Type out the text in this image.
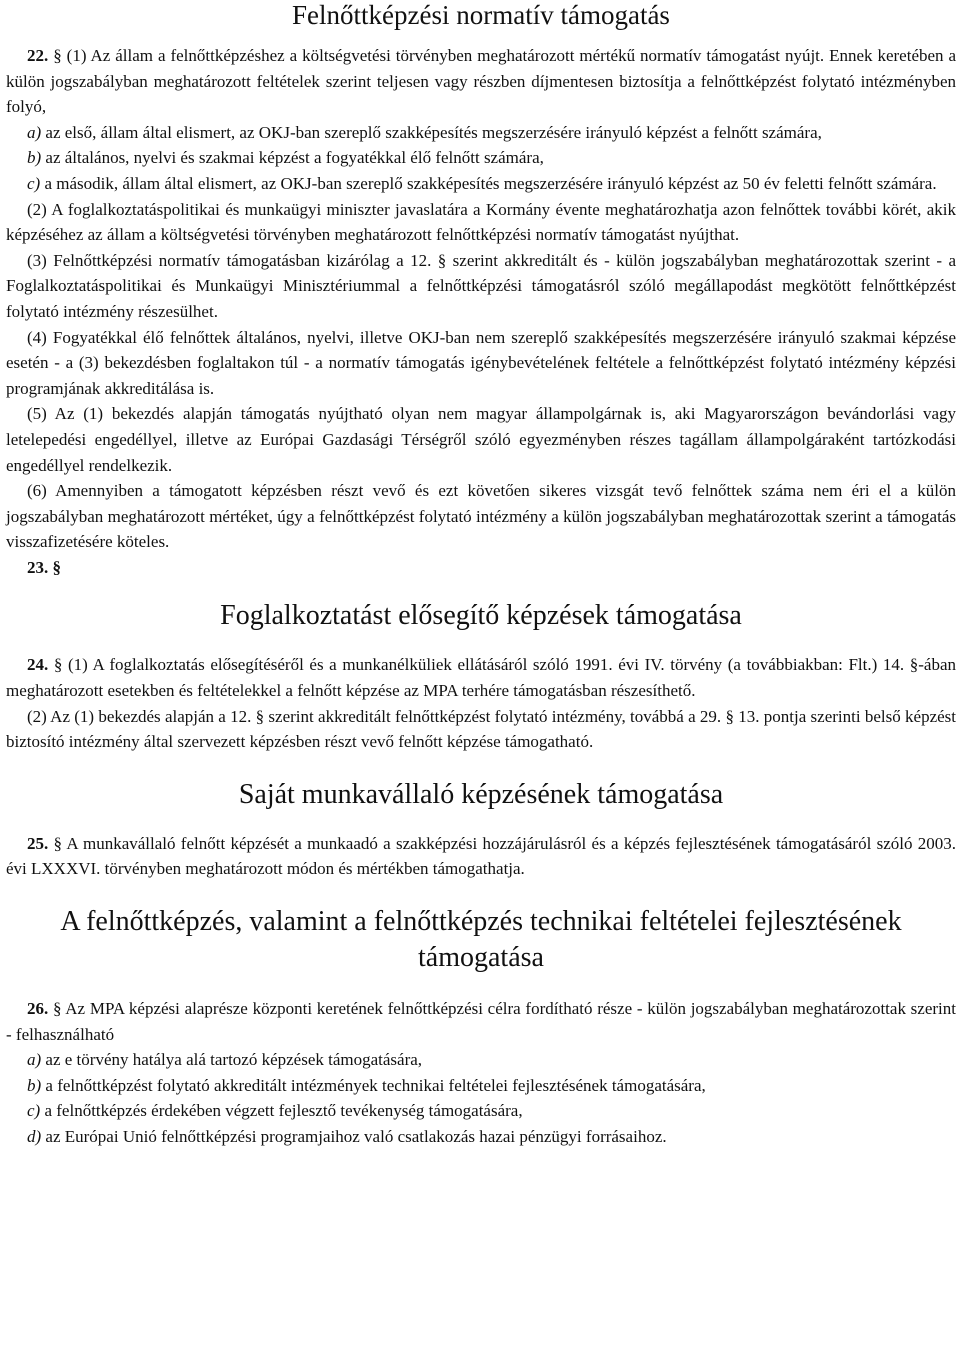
Felnőttképzési normatív támogatás

22. § (1) Az állam a felnőttképzéshez a költségvetési törvényben meghatározott mértékű normatív támogatást nyújt. Ennek keretében a külön jogszabályban meghatározott feltételek szerint teljesen vagy részben díjmentesen biztosítja a felnőttképzést folytató intézményben folyó,

a) az első, állam által elismert, az OKJ-ban szereplő szakképesítés megszerzésére irányuló képzést a felnőtt számára,

b) az általános, nyelvi és szakmai képzést a fogyatékkal élő felnőtt számára,

c) a második, állam által elismert, az OKJ-ban szereplő szakképesítés megszerzésére irányuló képzést az 50 év feletti felnőtt számára.

(2) A foglalkoztatáspolitikai és munkaügyi miniszter javaslatára a Kormány évente meghatározhatja azon felnőttek további körét, akik képzéséhez az állam a költségvetési törvényben meghatározott felnőttképzési normatív támogatást nyújthat.

(3) Felnőttképzési normatív támogatásban kizárólag a 12. § szerint akkreditált és - külön jogszabályban meghatározottak szerint - a Foglalkoztatáspolitikai és Munkaügyi Minisztériummal a felnőttképzési támogatásról szóló megállapodást megkötött felnőttképzést folytató intézmény részesülhet.

(4) Fogyatékkal élő felnőttek általános, nyelvi, illetve OKJ-ban nem szereplő szakképesítés megszerzésére irányuló szakmai képzése esetén - a (3) bekezdésben foglaltakon túl - a normatív támogatás igénybevételének feltétele a felnőttképzést folytató intézmény képzési programjának akkreditálása is.

(5) Az (1) bekezdés alapján támogatás nyújtható olyan nem magyar állampolgárnak is, aki Magyarországon bevándorlási vagy letelepedési engedéllyel, illetve az Európai Gazdasági Térségről szóló egyezményben részes tagállam állampolgáraként tartózkodási engedéllyel rendelkezik.

(6) Amennyiben a támogatott képzésben részt vevő és ezt követően sikeres vizsgát tevő felnőttek száma nem éri el a külön jogszabályban meghatározott mértéket, úgy a felnőttképzést folytató intézmény a külön jogszabályban meghatározottak szerint a támogatás visszafizetésére köteles.

23. §

Foglalkoztatást elősegítő képzések támogatása

24. § (1) A foglalkoztatás elősegítéséről és a munkanélküliek ellátásáról szóló 1991. évi IV. törvény (a továbbiakban: Flt.) 14. §-ában meghatározott esetekben és feltételekkel a felnőtt képzése az MPA terhére támogatásban részesíthető.

(2) Az (1) bekezdés alapján a 12. § szerint akkreditált felnőttképzést folytató intézmény, továbbá a 29. § 13. pontja szerinti belső képzést biztosító intézmény által szervezett képzésben részt vevő felnőtt képzése támogatható.

Saját munkavállaló képzésének támogatása

25. § A munkavállaló felnőtt képzését a munkaadó a szakképzési hozzájárulásról és a képzés fejlesztésének támogatásáról szóló 2003. évi LXXXVI. törvényben meghatározott módon és mértékben támogathatja.

A felnőttképzés, valamint a felnőttképzés technikai feltételei fejlesztésének támogatása

26. § Az MPA képzési alaprésze központi keretének felnőttképzési célra fordítható része - külön jogszabályban meghatározottak szerint - felhasználható

a) az e törvény hatálya alá tartozó képzések támogatására,

b) a felnőttképzést folytató akkreditált intézmények technikai feltételei fejlesztésének támogatására,

c) a felnőttképzés érdekében végzett fejlesztő tevékenység támogatására,

d) az Európai Unió felnőttképzési programjaihoz való csatlakozás hazai pénzügyi forrásaihoz.
